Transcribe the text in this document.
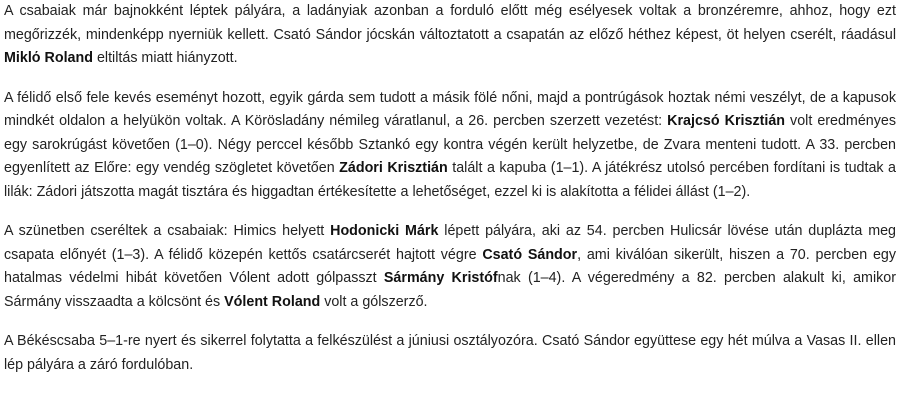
A csabaiak már bajnokként léptek pályára, a ladányiak azonban a forduló előtt még esélyesek voltak a bronzéremre, ahhoz, hogy ezt megőrizzék, mindenképp nyerniük kellett. Csató Sándor jócskán változtatott a csapatán az előző héthez képest, öt helyen cserélt, ráadásul Miklό Roland eltiltás miatt hiányzott.

A félidő első fele kevés eseményt hozott, egyik gárda sem tudott a másik fölé nőni, majd a pontrúgások hoztak némi veszélyt, de a kapusok mindkét oldalon a helyükön voltak. A Körösladány némileg váratlanul, a 26. percben szerzett vezetést: Krajcsó Krisztián volt eredményes egy sarokrúgást követően (1–0). Négy perccel később Sztankó egy kontra végén került helyzetbe, de Zvara menteni tudott. A 33. percben egyenlített az Előre: egy vendég szögletet követően Zádori Krisztián talált a kapuba (1–1). A játékrész utolsó percében fordítani is tudtak a lilák: Zádori játszotta magát tisztára és higgadtan értékesítette a lehetőséget, ezzel ki is alakította a félidei állást (1–2).

A szünetben cseréltek a csabaiak: Himics helyett Hodonicki Márk lépett pályára, aki az 54. percben Hulicsár lövése után duplázta meg csapata előnyét (1–3). A félidő közepén kettős csatárcserét hajtott végre Csató Sándor, ami kiválóan sikerült, hiszen a 70. percben egy hatalmas védelmi hibát követően Vólent adott gólpasszt Sármány Kristófnak (1–4). A végeredmény a 82. percben alakult ki, amikor Sármány visszaadta a kölcsönt és Vólent Roland volt a gólszerző.

A Békéscsaba 5–1-re nyert és sikerrel folytatta a felkészülést a júniusi osztályozóra. Csató Sándor együttese egy hét múlva a Vasas II. ellen lép pályára a záró fordulóban.
